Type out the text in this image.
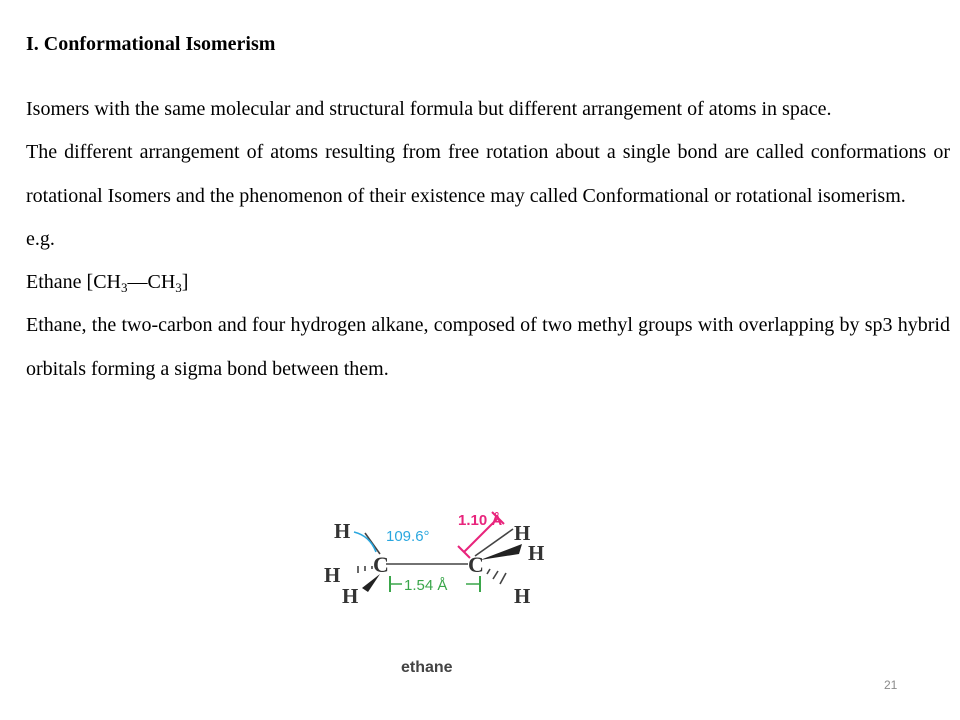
I. Conformational Isomerism

Isomers with the same molecular and structural formula but different arrangement of atoms in space.

The different arrangement of atoms resulting from free rotation about a single bond are called conformations or rotational Isomers and the phenomenon of their existence may called Conformational or rotational isomerism.

e.g.

Ethane $[CH_3—CH_3]$

Ethane, the two-carbon and four hydrogen alkane, composed of two methyl groups with overlapping by sp3 hybrid orbitals forming a sigma bond between them.

1.10 Å
109.6°
1.54 Å
C	C
H
H
H
H
H
H
ethane
21
